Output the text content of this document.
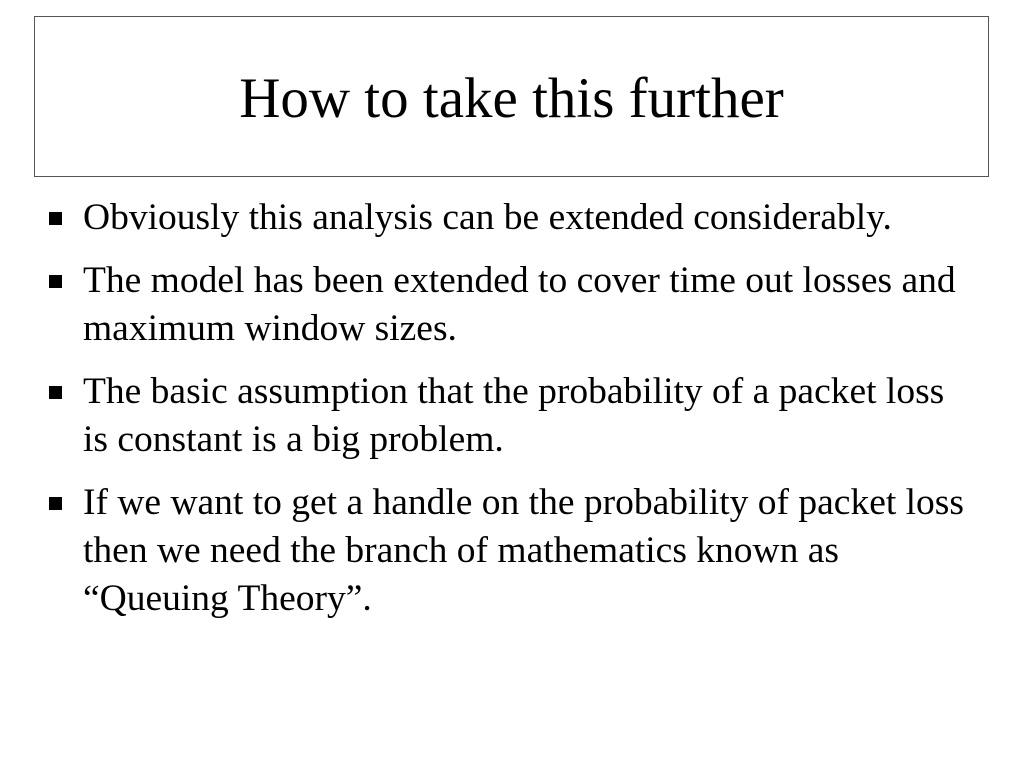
How to take this further
Obviously this analysis can be extended considerably.
The model has been extended to cover time out losses and maximum window sizes.
The basic assumption that the probability of a packet loss is constant is a big problem.
If we want to get a handle on the probability of packet loss then we need the branch of mathematics known as “Queuing Theory”.
